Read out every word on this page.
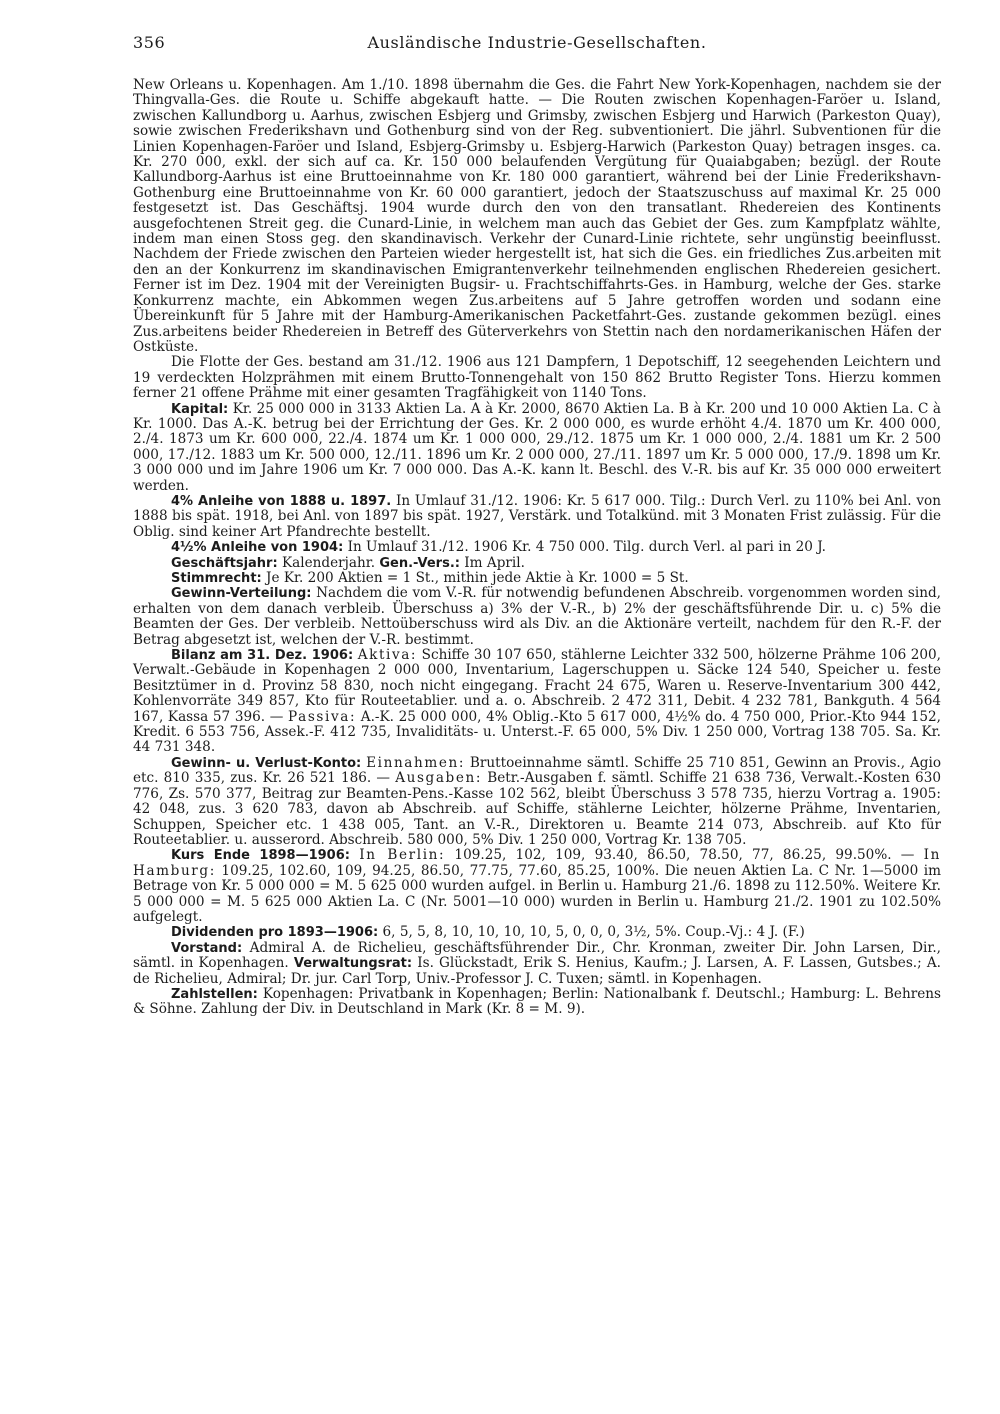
356	Ausländische Industrie-Gesellschaften.

New Orleans u. Kopenhagen. Am 1./10. 1898 übernahm die Ges. die Fahrt New York-Kopenhagen, nachdem sie der Thingvalla-Ges. die Route u. Schiffe abgekauft hatte. — Die Routen zwischen Kopenhagen-Faröer u. Island, zwischen Kallundborg u. Aarhus, zwischen Esbjerg und Grimsby, zwischen Esbjerg und Harwich (Parkeston Quay), sowie zwischen Frederikshavn und Gothenburg sind von der Reg. subventioniert. Die jährl. Subventionen für die Linien Kopenhagen-Faröer und Island, Esbjerg-Grimsby u. Esbjerg-Harwich (Parkeston Quay) betragen insges. ca. Kr. 270 000, exkl. der sich auf ca. Kr. 150 000 belaufenden Vergütung für Quaiabgaben; bezügl. der Route Kallundborg-Aarhus ist eine Bruttoeinnahme von Kr. 180 000 garantiert, während bei der Linie Frederikshavn-Gothenburg eine Bruttoeinnahme von Kr. 60 000 garantiert, jedoch der Staatszuschuss auf maximal Kr. 25 000 festgesetzt ist. Das Geschäftsj. 1904 wurde durch den von den transatlant. Rhedereien des Kontinents ausgefochtenen Streit geg. die Cunard-Linie, in welchem man auch das Gebiet der Ges. zum Kampfplatz wählte, indem man einen Stoss geg. den skandinavisch. Verkehr der Cunard-Linie richtete, sehr ungünstig beeinflusst. Nachdem der Friede zwischen den Parteien wieder hergestellt ist, hat sich die Ges. ein friedliches Zus.arbeiten mit den an der Konkurrenz im skandinavischen Emigrantenverkehr teilnehmenden englischen Rhedereien gesichert. Ferner ist im Dez. 1904 mit der Vereinigten Bugsir- u. Frachtschiffahrts-Ges. in Hamburg, welche der Ges. starke Konkurrenz machte, ein Abkommen wegen Zus.arbeitens auf 5 Jahre getroffen worden und sodann eine Übereinkunft für 5 Jahre mit der Hamburg-Amerikanischen Packetfahrt-Ges. zustande gekommen bezügl. eines Zus.arbeitens beider Rhedereien in Betreff des Güterverkehrs von Stettin nach den nordamerikanischen Häfen der Ostküste.

Die Flotte der Ges. bestand am 31./12. 1906 aus 121 Dampfern, 1 Depotschiff, 12 seegehenden Leichtern und 19 verdeckten Holzprähmen mit einem Brutto-Tonnengehalt von 150 862 Brutto Register Tons. Hierzu kommen ferner 21 offene Prähme mit einer gesamten Tragfähigkeit von 1140 Tons.

Kapital: Kr. 25 000 000 in 3133 Aktien La. A à Kr. 2000, 8670 Aktien La. B à Kr. 200 und 10 000 Aktien La. C à Kr. 1000. Das A.-K. betrug bei der Errichtung der Ges. Kr. 2 000 000, es wurde erhöht 4./4. 1870 um Kr. 400 000, 2./4. 1873 um Kr. 600 000, 22./4. 1874 um Kr. 1 000 000, 29./12. 1875 um Kr. 1 000 000, 2./4. 1881 um Kr. 2 500 000, 17./12. 1883 um Kr. 500 000, 12./11. 1896 um Kr. 2 000 000, 27./11. 1897 um Kr. 5 000 000, 17./9. 1898 um Kr. 3 000 000 und im Jahre 1906 um Kr. 7 000 000. Das A.-K. kann lt. Beschl. des V.-R. bis auf Kr. 35 000 000 erweitert werden.

4% Anleihe von 1888 u. 1897. In Umlauf 31./12. 1906: Kr. 5 617 000. Tilg.: Durch Verl. zu 110% bei Anl. von 1888 bis spät. 1918, bei Anl. von 1897 bis spät. 1927, Verstärk. und Totalkünd. mit 3 Monaten Frist zulässig. Für die Oblig. sind keiner Art Pfandrechte bestellt.

4½% Anleihe von 1904: In Umlauf 31./12. 1906 Kr. 4 750 000. Tilg. durch Verl. al pari in 20 J.

Geschäftsjahr: Kalenderjahr. Gen.-Vers.: Im April.

Stimmrecht: Je Kr. 200 Aktien = 1 St., mithin jede Aktie à Kr. 1000 = 5 St.

Gewinn-Verteilung: Nachdem die vom V.-R. für notwendig befundenen Abschreib. vorgenommen worden sind, erhalten von dem danach verbleib. Überschuss a) 3% der V.-R., b) 2% der geschäftsführende Dir. u. c) 5% die Beamten der Ges. Der verbleib. Nettoüberschuss wird als Div. an die Aktionäre verteilt, nachdem für den R.-F. der Betrag abgesetzt ist, welchen der V.-R. bestimmt.

Bilanz am 31. Dez. 1906: Aktiva: Schiffe 30 107 650, stählerne Leichter 332 500, hölzerne Prähme 106 200, Verwalt.-Gebäude in Kopenhagen 2 000 000, Inventarium, Lagerschuppen u. Säcke 124 540, Speicher u. feste Besitztümer in d. Provinz 58 830, noch nicht eingegang. Fracht 24 675, Waren u. Reserve-Inventarium 300 442, Kohlenvorräte 349 857, Kto für Routeetablier. und a. o. Abschreib. 2 472 311, Debit. 4 232 781, Bankguth. 4 564 167, Kassa 57 396. — Passiva: A.-K. 25 000 000, 4% Oblig.-Kto 5 617 000, 4½% do. 4 750 000, Prior.-Kto 944 152, Kredit. 6 553 756, Assek.-F. 412 735, Invaliditäts- u. Unterst.-F. 65 000, 5% Div. 1 250 000, Vortrag 138 705. Sa. Kr. 44 731 348.

Gewinn- u. Verlust-Konto: Einnahmen: Bruttoeinnahme sämtl. Schiffe 25 710 851, Gewinn an Provis., Agio etc. 810 335, zus. Kr. 26 521 186. — Ausgaben: Betr.-Ausgaben f. sämtl. Schiffe 21 638 736, Verwalt.-Kosten 630 776, Zs. 570 377, Beitrag zur Beamten-Pens.-Kasse 102 562, bleibt Überschuss 3 578 735, hierzu Vortrag a. 1905: 42 048, zus. 3 620 783, davon ab Abschreib. auf Schiffe, stählerne Leichter, hölzerne Prähme, Inventarien, Schuppen, Speicher etc. 1 438 005, Tant. an V.-R., Direktoren u. Beamte 214 073, Abschreib. auf Kto für Routeetablier. u. ausserord. Abschreib. 580 000, 5% Div. 1 250 000, Vortrag Kr. 138 705.

Kurs Ende 1898—1906: In Berlin: 109.25, 102, 109, 93.40, 86.50, 78.50, 77, 86.25, 99.50%. — In Hamburg: 109.25, 102.60, 109, 94.25, 86.50, 77.75, 77.60, 85.25, 100%. Die neuen Aktien La. C Nr. 1—5000 im Betrage von Kr. 5 000 000 = M. 5 625 000 wurden aufgel. in Berlin u. Hamburg 21./6. 1898 zu 112.50%. Weitere Kr. 5 000 000 = M. 5 625 000 Aktien La. C (Nr. 5001—10 000) wurden in Berlin u. Hamburg 21./2. 1901 zu 102.50% aufgelegt.

Dividenden pro 1893—1906: 6, 5, 5, 8, 10, 10, 10, 10, 5, 0, 0, 0, 3½, 5%. Coup.-Vj.: 4 J. (F.)

Vorstand: Admiral A. de Richelieu, geschäftsführender Dir., Chr. Kronman, zweiter Dir. John Larsen, Dir., sämtl. in Kopenhagen. Verwaltungsrat: Is. Glückstadt, Erik S. Henius, Kaufm.; J. Larsen, A. F. Lassen, Gutsbes.; A. de Richelieu, Admiral; Dr. jur. Carl Torp, Univ.-Professor J. C. Tuxen; sämtl. in Kopenhagen.

Zahlstellen: Kopenhagen: Privatbank in Kopenhagen; Berlin: Nationalbank f. Deutschl.; Hamburg: L. Behrens & Söhne. Zahlung der Div. in Deutschland in Mark (Kr. 8 = M. 9).
